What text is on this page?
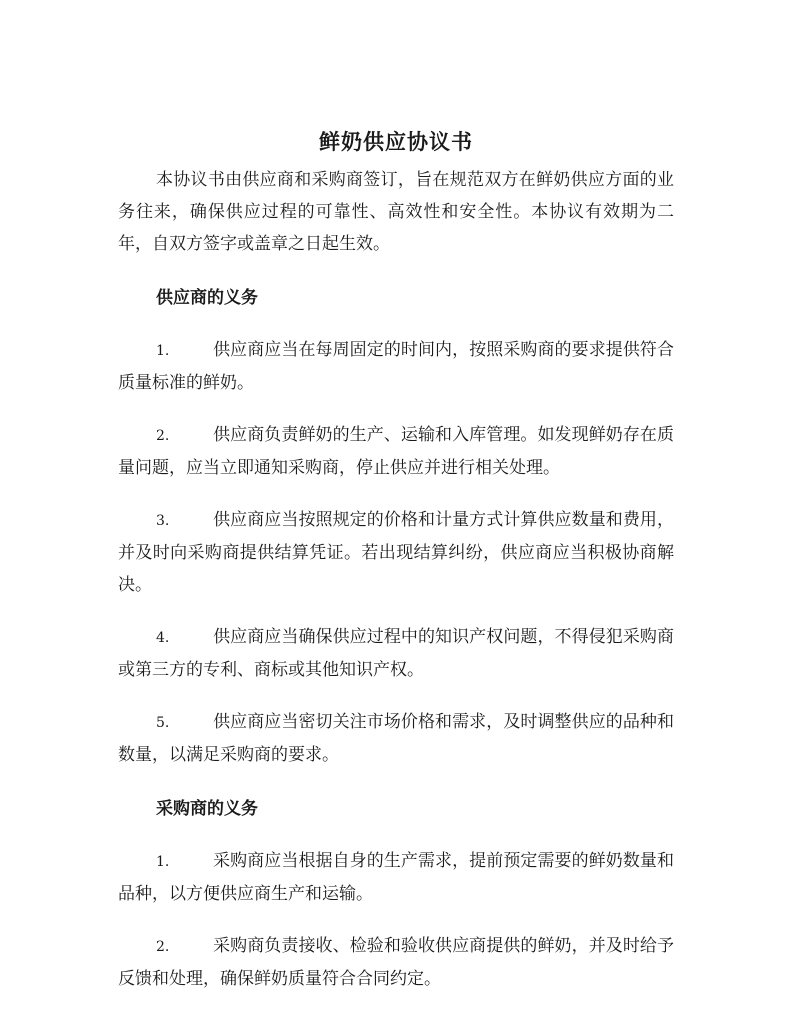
鲜奶供应协议书

本协议书由供应商和采购商签订，旨在规范双方在鲜奶供应方面的业务往来，确保供应过程的可靠性、高效性和安全性。本协议有效期为二年，自双方签字或盖章之日起生效。

供应商的义务
1.	供应商应当在每周固定的时间内，按照采购商的要求提供符合质量标准的鲜奶。
2.	供应商负责鲜奶的生产、运输和入库管理。如发现鲜奶存在质量问题，应当立即通知采购商，停止供应并进行相关处理。
3.	供应商应当按照规定的价格和计量方式计算供应数量和费用，并及时向采购商提供结算凭证。若出现结算纠纷，供应商应当积极协商解决。
4.	供应商应当确保供应过程中的知识产权问题，不得侵犯采购商或第三方的专利、商标或其他知识产权。
5.	供应商应当密切关注市场价格和需求，及时调整供应的品种和数量，以满足采购商的要求。
采购商的义务
1.	采购商应当根据自身的生产需求，提前预定需要的鲜奶数量和品种，以方便供应商生产和运输。
2.	采购商负责接收、检验和验收供应商提供的鲜奶，并及时给予反馈和处理，确保鲜奶质量符合合同约定。
